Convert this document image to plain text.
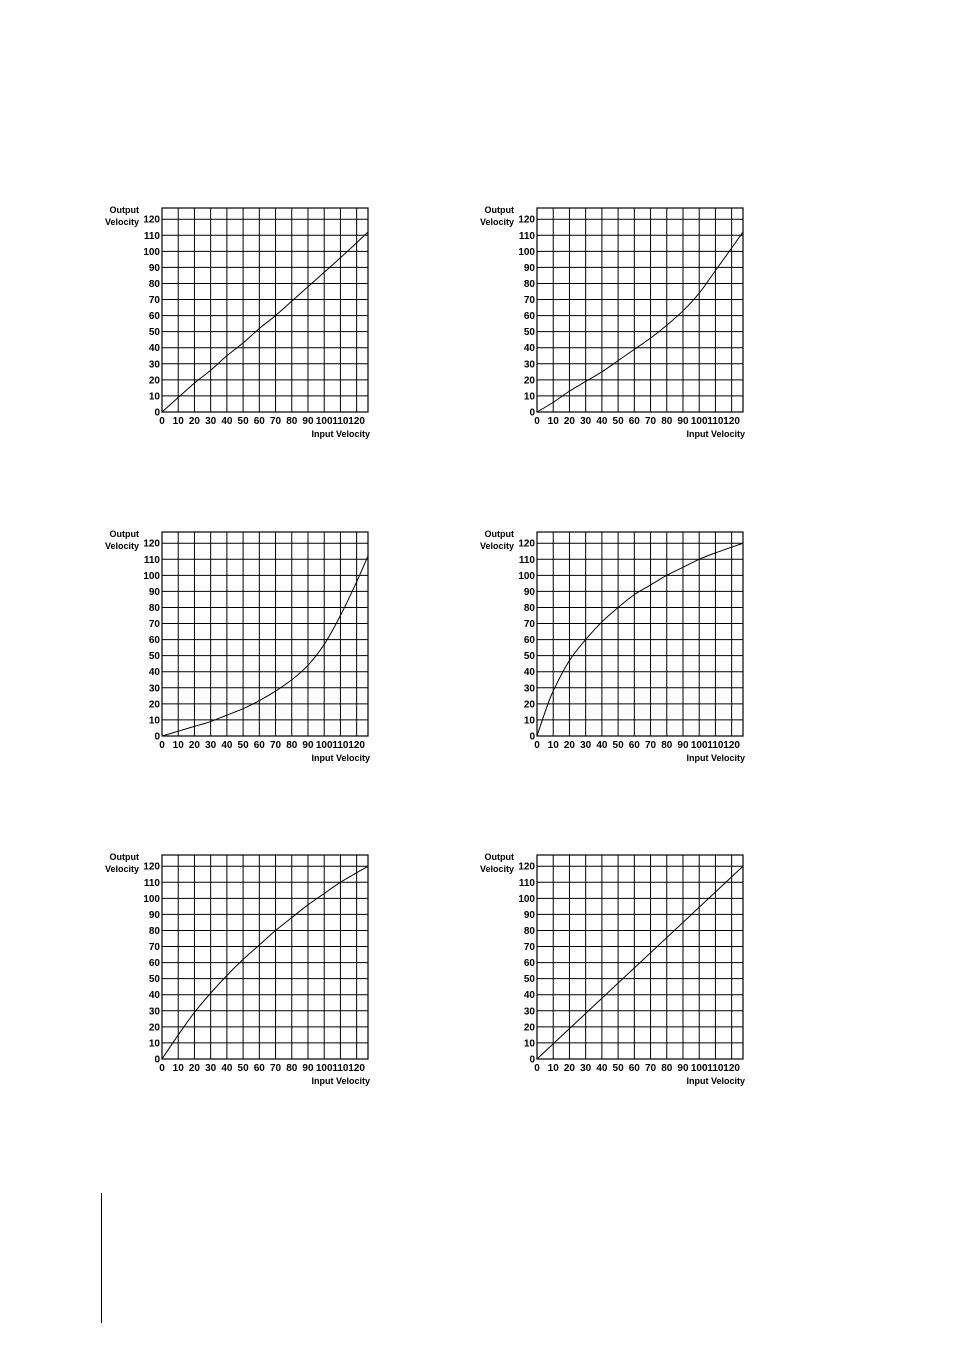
0
10
20
30
40
50
60
70
80
90
100
110
120
0 10 20 30 40 50 60 70 80 90 100 110 120
Output
Velocity
Input Velocity
0
10
20
30
40
50
60
70
80
90
100
110
120
0 10 20 30 40 50 60 70 80 90 100 110 120
Output
Velocity
Input Velocity
0
10
20
30
40
50
60
70
80
90
100
110
120
0 10 20 30 40 50 60 70 80 90 100 110 120
Output
Velocity
Input Velocity
0
10
20
30
40
50
60
70
80
90
100
110
120
0 10 20 30 40 50 60 70 80 90 100 110 120
Output
Velocity
Input Velocity
0
10
20
30
40
50
60
70
80
90
100
110
120
0 10 20 30 40 50 60 70 80 90 100 110 120
Output
Velocity
Input Velocity
0
10
20
30
40
50
60
70
80
90
100
110
120
0 10 20 30 40 50 60 70 80 90 100 110 120
Output
Velocity
Input Velocity
